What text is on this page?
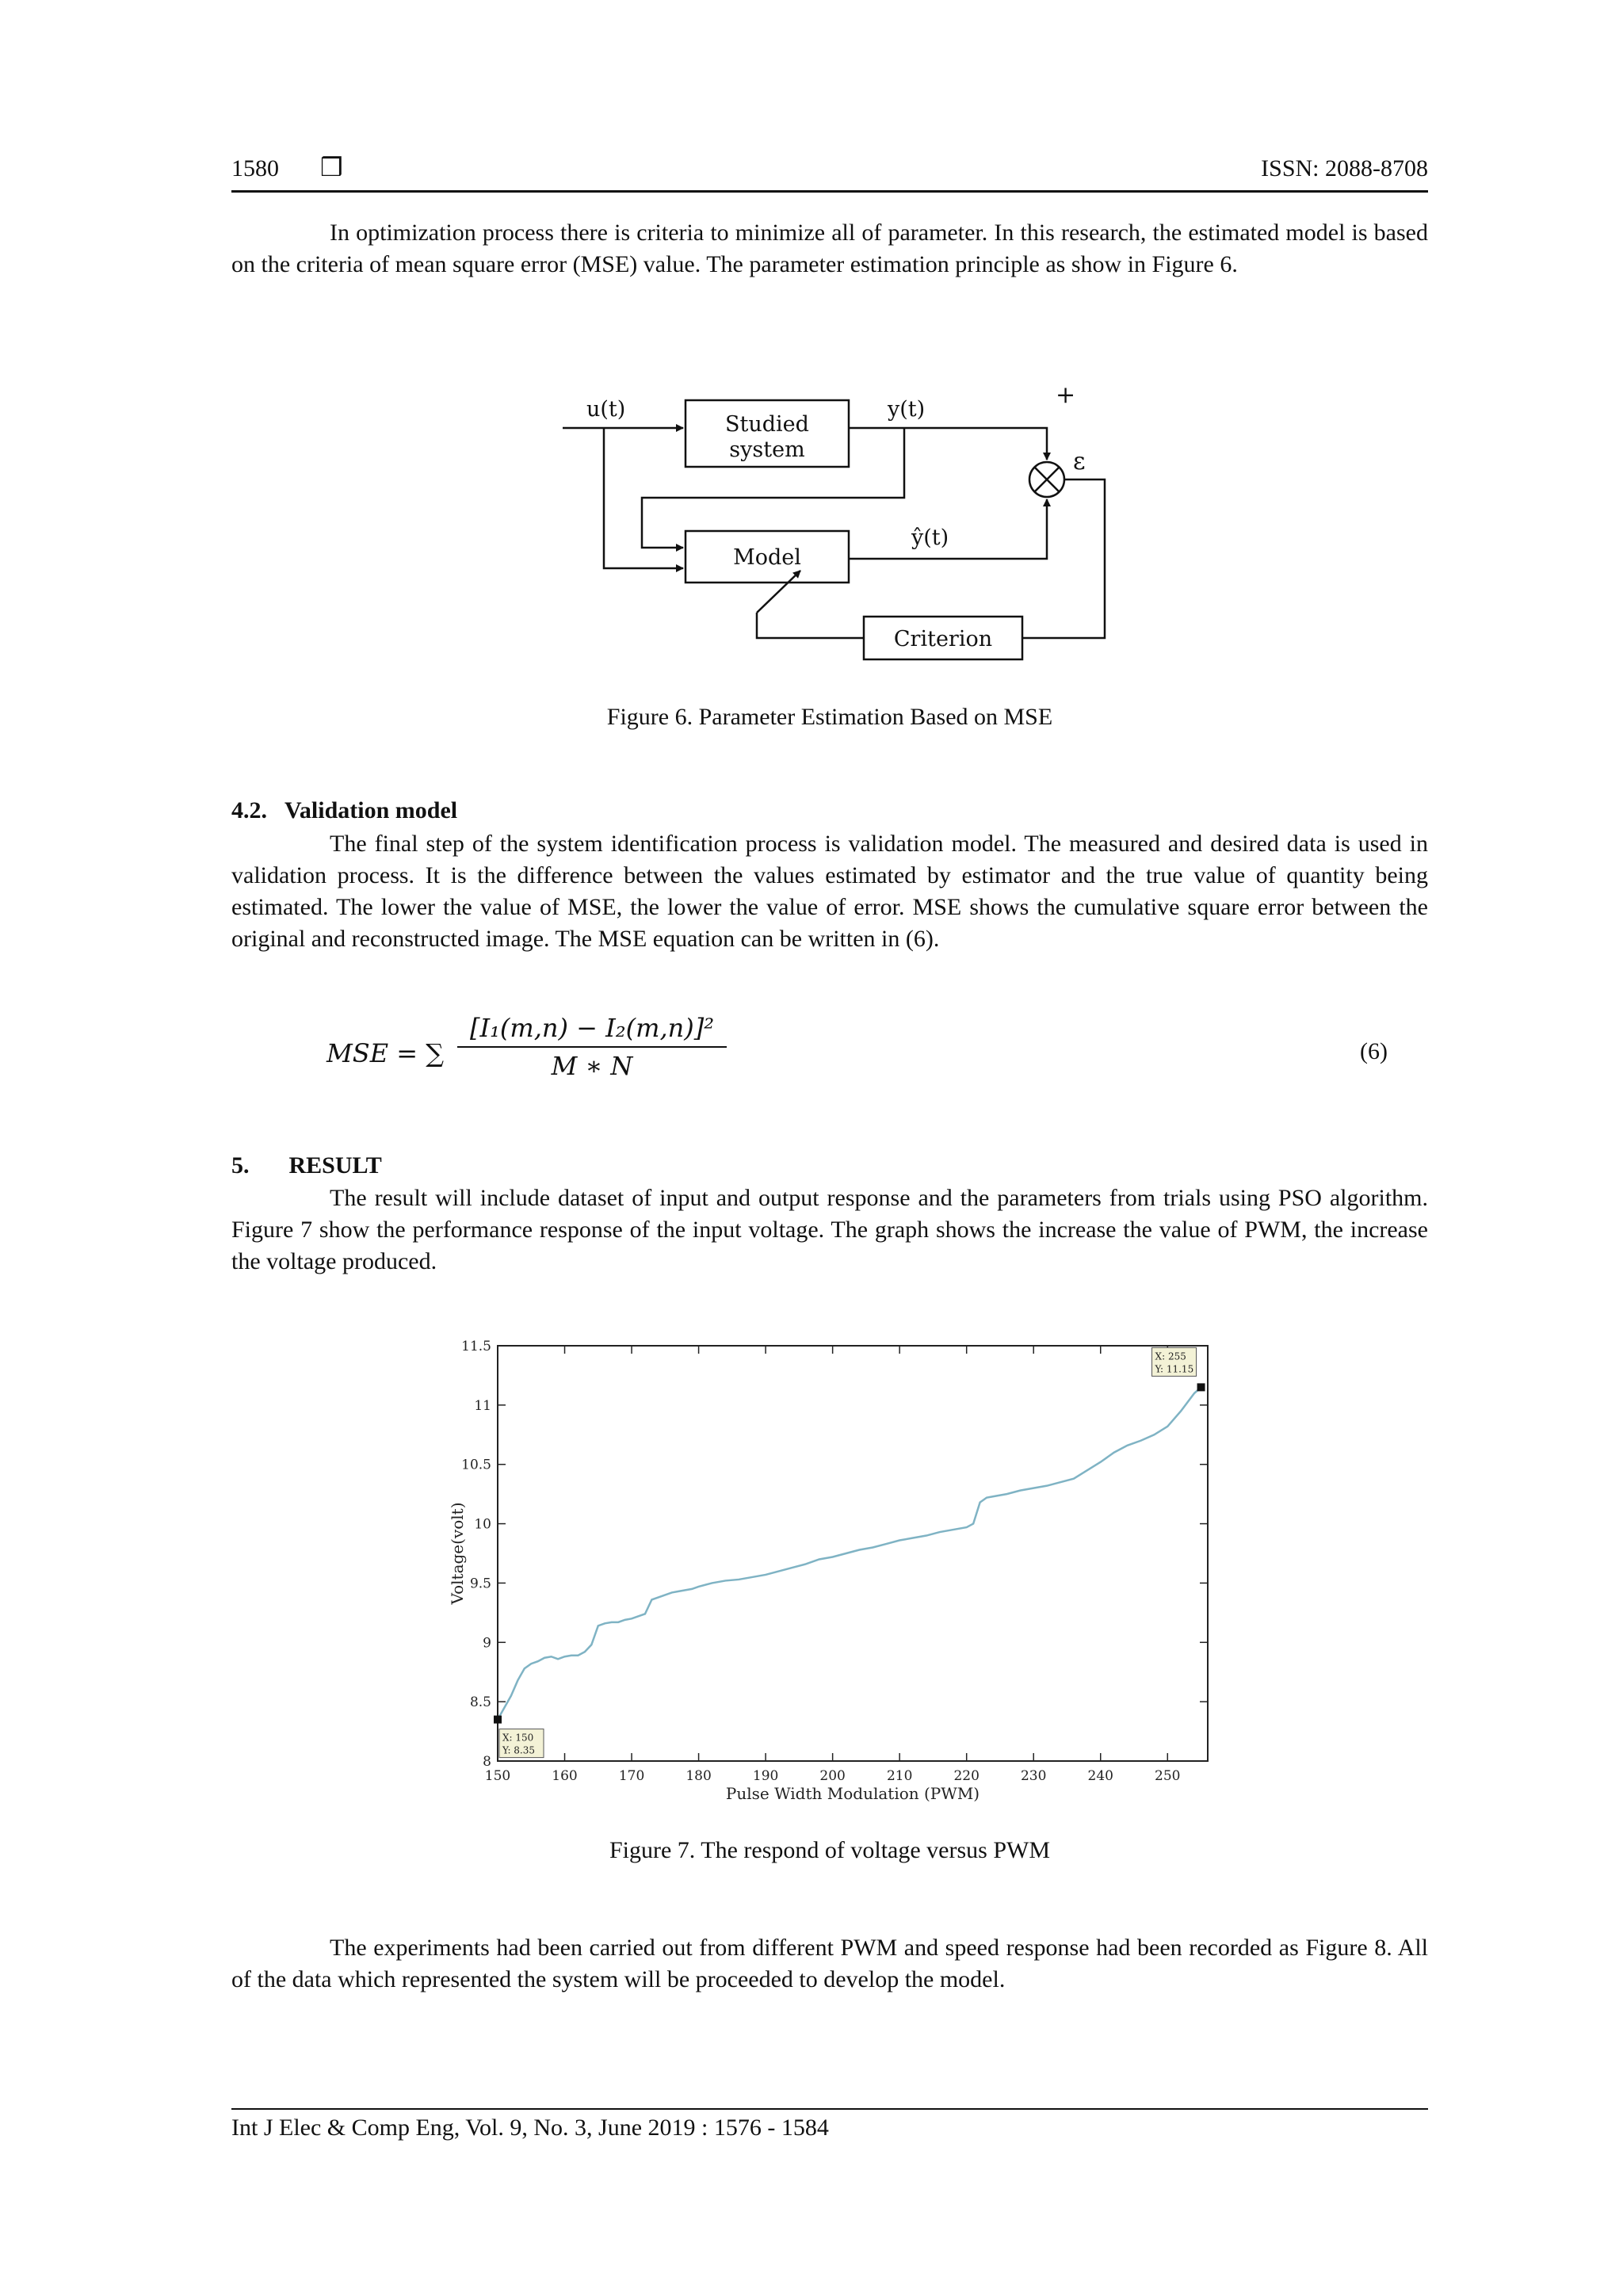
1580 ❒	ISSN: 2088-8708

In optimization process there is criteria to minimize all of parameter. In this research, the estimated model is based on the criteria of mean square error (MSE) value. The parameter estimation principle as show in Figure 6.

u(t)
Studied
system
y(t)
+
ε
Model
ŷ(t)
Criterion
Figure 6. Parameter Estimation Based on MSE
4.2. Validation model

The final step of the system identification process is validation model. The measured and desired data is used in validation process. It is the difference between the values estimated by estimator and the true value of quantity being estimated. The lower the value of MSE, the lower the value of error. MSE shows the cumulative square error between the original and reconstructed image. The MSE equation can be written in (6).

MSE = ∑
[I₁(m,n) − I₂(m,n)]²
M ∗ N	(6)
5. RESULT

The result will include dataset of input and output response and the parameters from trials using PSO algorithm. Figure 7 show the performance response of the input voltage. The graph shows the increase the value of PWM, the increase the voltage produced.

150	160	170	180	190	200	210	220	230	240	250
8
8.5
9
9.5
10
10.5
11
11.5
X: 150
Y: 8.35
X: 255
Y: 11.15
Pulse Width Modulation (PWM)
Voltage(volt)
Figure 7. The respond of voltage versus PWM

The experiments had been carried out from different PWM and speed response had been recorded as Figure 8. All of the data which represented the system will be proceeded to develop the model.

Int J Elec & Comp Eng, Vol. 9, No. 3, June 2019 : 1576 - 1584
